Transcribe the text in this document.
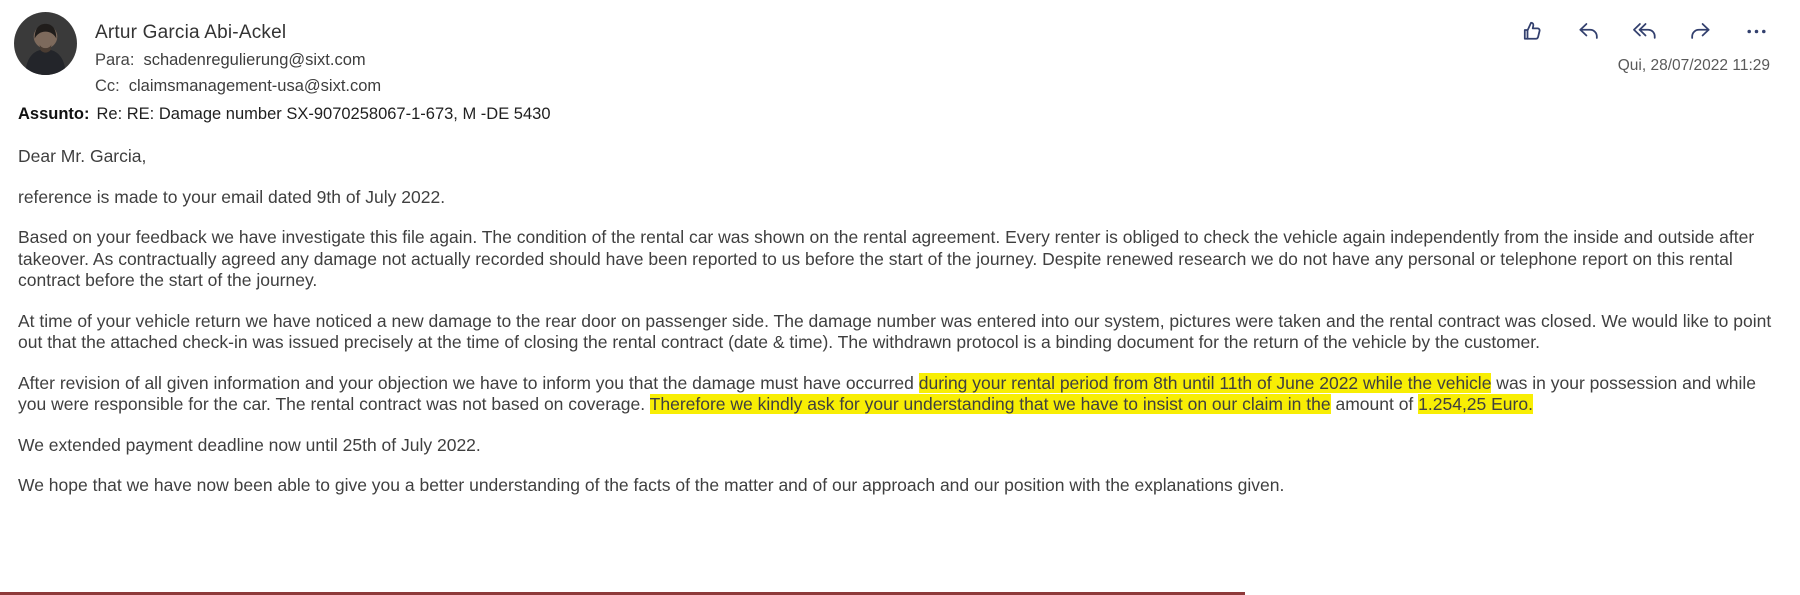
Artur Garcia Abi-Ackel
Para: schadenregulierung@sixt.com
Cc: claimsmanagement-usa@sixt.com
Qui, 28/07/2022 11:29
Assunto: Re: RE: Damage number SX-9070258067-1-673, M -DE 5430

Dear Mr. Garcia,

reference is made to your email dated 9th of July 2022.

Based on your feedback we have investigate this file again. The condition of the rental car was shown on the rental agreement. Every renter is obliged to check the vehicle again independently from the inside and outside after takeover. As contractually agreed any damage not actually recorded should have been reported to us before the start of the journey. Despite renewed research we do not have any personal or telephone report on this rental contract before the start of the journey.

At time of your vehicle return we have noticed a new damage to the rear door on passenger side. The damage number was entered into our system, pictures were taken and the rental contract was closed. We would like to point out that the attached check-in was issued precisely at the time of closing the rental contract (date & time). The withdrawn protocol is a binding document for the return of the vehicle by the customer.

After revision of all given information and your objection we have to inform you that the damage must have occurred during your rental period from 8th until 11th of June 2022 while the vehicle was in your possession and while you were responsible for the car. The rental contract was not based on coverage. Therefore we kindly ask for your understanding that we have to insist on our claim in the amount of 1.254,25 Euro.

We extended payment deadline now until 25th of July 2022.

We hope that we have now been able to give you a better understanding of the facts of the matter and of our approach and our position with the explanations given.
